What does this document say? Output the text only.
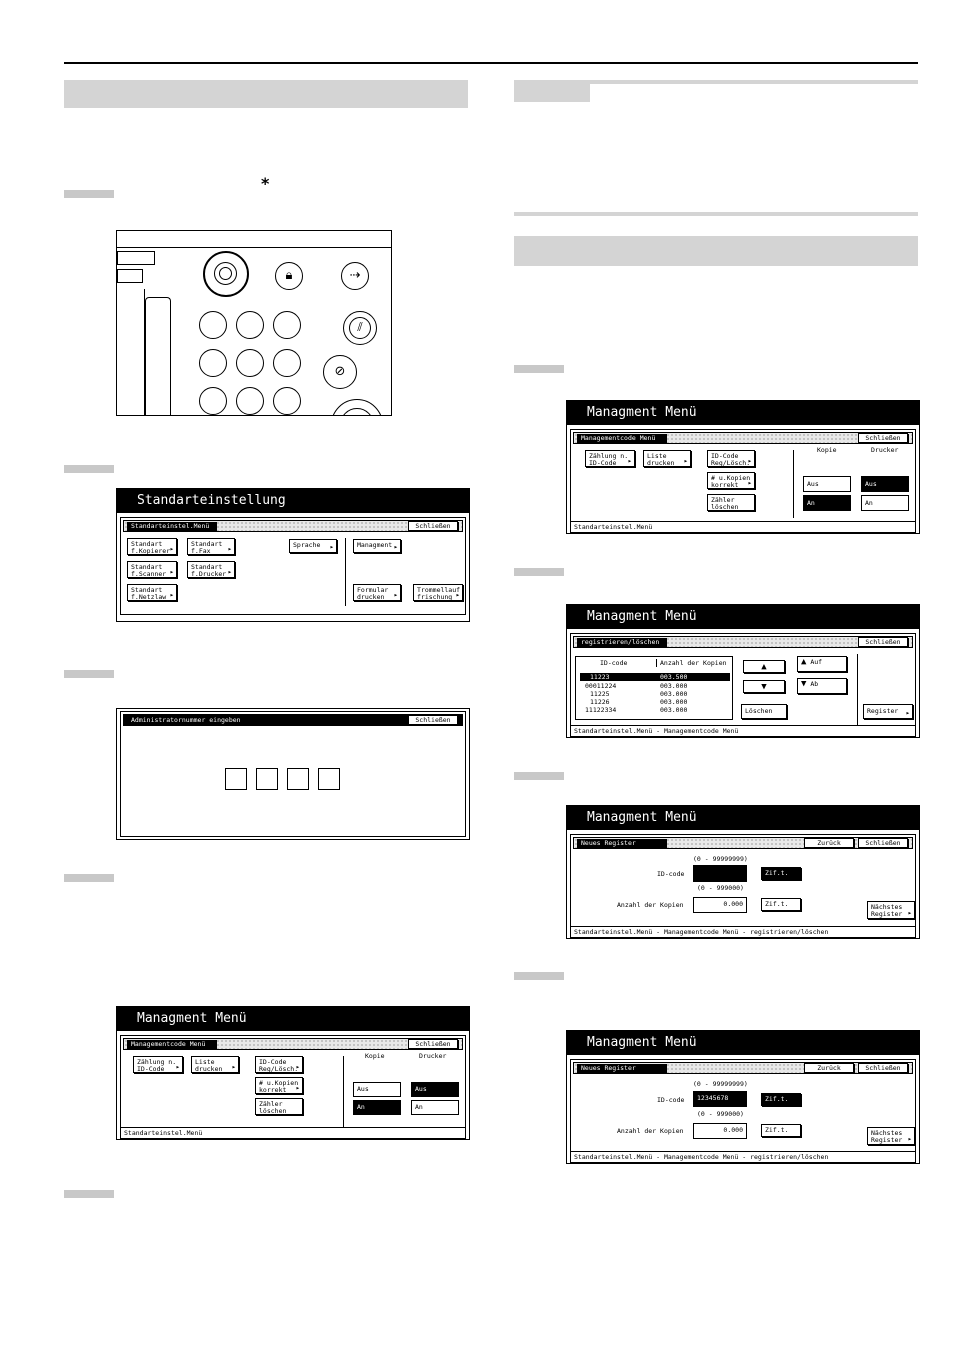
*
🔒︎	⇢
⫽
⊘
Standarteinstellung
Standarteinstel.Menü	Schließen
Standart
f.Kopierer ▸
Standart
f.Fax ▸
Standart
f.Scanner ▸
Standart
f.Drucker ▸
Standart
f.Netzlaw ▸
Sprache ▸	Managment ▸
Formular
drucken ▸
Trommellauf
frischung ▸
Administratornummer eingeben	Schließen
Managment Menü
Managementcode Menü	Schließen
Zählung n.
ID-Code ▸
Liste
drucken ▸
ID-Code
Reg/Lösch. ▸
# u.Kopien
korrekt ▸
Zähler
löschen
Kopie	Drucker
Aus
An
Aus
An
Standarteinstel.Menü
Managment Menü
Managementcode Menü	Schließen
Zählung n.
ID-Code ▸
Liste
drucken ▸
ID-Code
Reg/Lösch. ▸
# u.Kopien
korrekt ▸
Zähler
löschen
Kopie	Drucker
Aus
An
Aus
An
Standarteinstel.Menü
Managment Menü
registrieren/löschen	Schließen
ID-code	Anzahl der Kopien
11223	003.500
00011224	003.000
11225	003.000
11226	003.000
11122334	003.000
▲
▼
▲ Auf
▼ Ab
Löschen	Register ▸
Standarteinstel.Menü - Managementcode Menü
Managment Menü
Neues Register	Zurück	Schließen
(0 - 99999999)
ID-code	Zif.t.
(0 - 999000)
Anzahl der Kopien	0.000	Zif.t.	Nächstes
Register ▸
Standarteinstel.Menü - Managementcode Menü - registrieren/löschen
Managment Menü
Neues Register	Zurück	Schließen
(0 - 99999999)
ID-code	12345678	Zif.t.
(0 - 999000)
Anzahl der Kopien	0.000	Zif.t.	Nächstes
Register ▸
Standarteinstel.Menü - Managementcode Menü - registrieren/löschen
